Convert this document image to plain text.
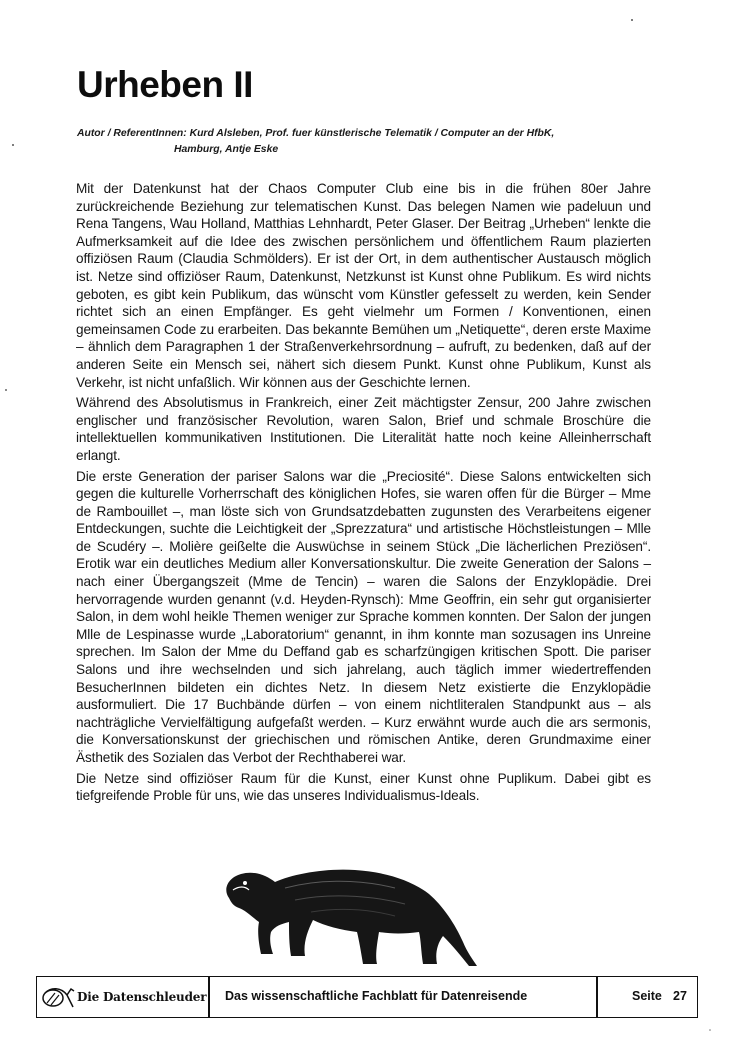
Urheben II
Autor / ReferentInnen: Kurd Alsleben, Prof. fuer künstlerische Telematik / Computer an der HfbK,
Hamburg, Antje Eske

Mit der Datenkunst hat der Chaos Computer Club eine bis in die frühen 80er Jahre zurückreichende Beziehung zur telematischen Kunst. Das belegen Namen wie padeluun und Rena Tangens, Wau Holland, Matthias Lehnhardt, Peter Glaser. Der Beitrag „Urheben“ lenkte die Aufmerksamkeit auf die Idee des zwischen persönlichem und öffentlichem Raum plazierten offiziösen Raum (Claudia Schmölders). Er ist der Ort, in dem authentischer Austausch möglich ist. Netze sind offiziöser Raum, Datenkunst, Netzkunst ist Kunst ohne Publikum. Es wird nichts geboten, es gibt kein Publikum, das wünscht vom Künstler gefesselt zu werden, kein Sender richtet sich an einen Empfänger. Es geht vielmehr um Formen / Konventionen, einen gemeinsamen Code zu erarbeiten. Das bekannte Bemühen um „Netiquette“, deren erste Maxime – ähnlich dem Paragraphen 1 der Straßenverkehrsordnung – aufruft, zu bedenken, daß auf der anderen Seite ein Mensch sei, nähert sich diesem Punkt. Kunst ohne Publikum, Kunst als Verkehr, ist nicht unfaßlich. Wir können aus der Geschichte lernen.

Während des Absolutismus in Frankreich, einer Zeit mächtigster Zensur, 200 Jahre zwischen englischer und französischer Revolution, waren Salon, Brief und schmale Broschüre die intellektuellen kommunikativen Institutionen. Die Literalität hatte noch keine Alleinherrschaft erlangt.

Die erste Generation der pariser Salons war die „Preciosité“. Diese Salons entwickelten sich gegen die kulturelle Vorherrschaft des königlichen Hofes, sie waren offen für die Bürger – Mme de Rambouillet –, man löste sich von Grundsatzdebatten zugunsten des Verarbeitens eigener Entdeckungen, suchte die Leichtigkeit der „Sprezzatura“ und artistische Höchstleistungen – Mlle de Scudéry –. Molière geißelte die Auswüchse in seinem Stück „Die lächerlichen Preziösen“. Erotik war ein deutliches Medium aller Konversationskultur. Die zweite Generation der Salons – nach einer Übergangszeit (Mme de Tencin) – waren die Salons der Enzyklopädie. Drei hervorragende wurden genannt (v.d. Heyden-Rynsch): Mme Geoffrin, ein sehr gut organisierter Salon, in dem wohl heikle Themen weniger zur Sprache kommen konnten. Der Salon der jungen Mlle de Lespinasse wurde „Laboratorium“ genannt, in ihm konnte man sozusagen ins Unreine sprechen. Im Salon der Mme du Deffand gab es scharfzüngigen kritischen Spott. Die pariser Salons und ihre wechselnden und sich jahrelang, auch täglich immer wiedertreffenden BesucherInnen bildeten ein dichtes Netz. In diesem Netz existierte die Enzyklopädie ausformuliert. Die 17 Buchbände dürfen – von einem nichtliteralen Standpunkt aus – als nachträgliche Vervielfältigung aufgefaßt werden. – Kurz erwähnt wurde auch die ars sermonis, die Konversationskunst der griechischen und römischen Antike, deren Grundmaxime einer Ästhetik des Sozialen das Verbot der Rechthaberei war.

Die Netze sind offiziöser Raum für die Kunst, einer Kunst ohne Puplikum. Dabei gibt es tiefgreifende Proble für uns, wie das unseres Individualismus-Ideals.

Die Datenschleuder Das wissenschaftliche Fachblatt für Datenreisende	Seite 27
